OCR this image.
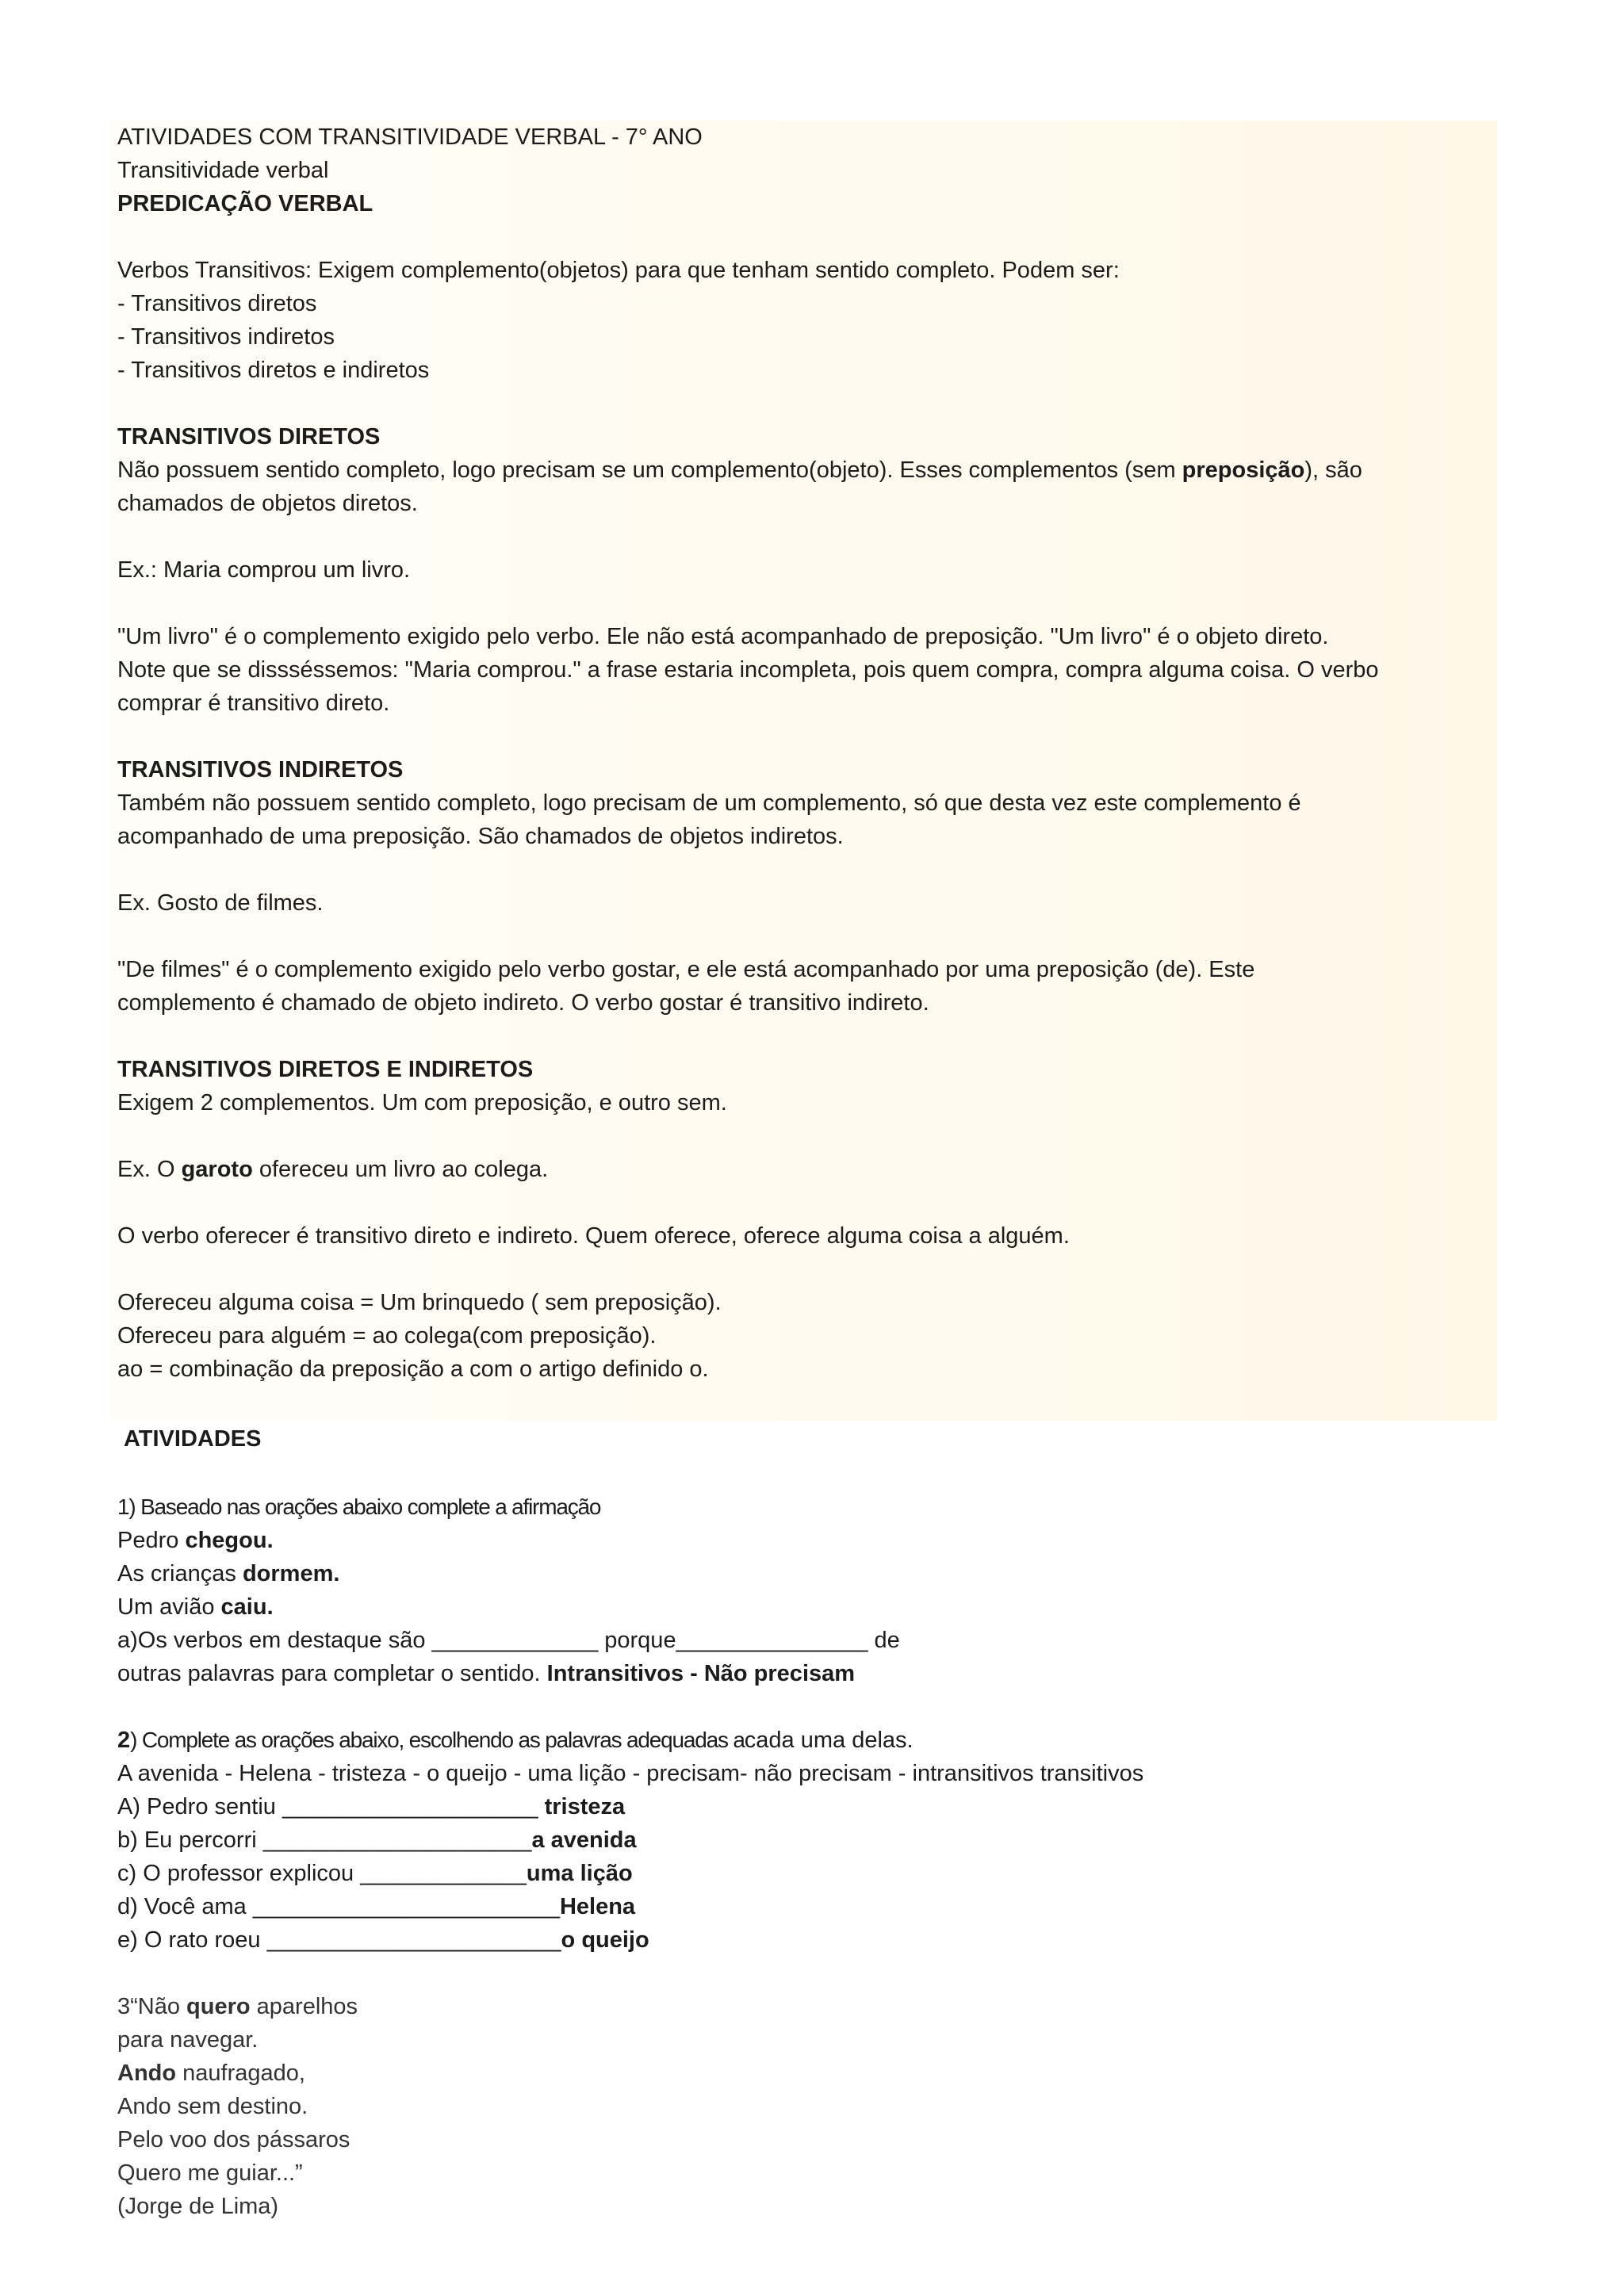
ATIVIDADES COM TRANSITIVIDADE VERBAL - 7° ANO
Transitividade verbal
PREDICAÇÃO VERBAL
Verbos Transitivos: Exigem complemento(objetos) para que tenham sentido completo. Podem ser:
- Transitivos diretos
- Transitivos indiretos
- Transitivos diretos e indiretos
TRANSITIVOS DIRETOS
Não possuem sentido completo, logo precisam se um complemento(objeto). Esses complementos (sem preposição), são
chamados de objetos diretos.
Ex.: Maria comprou um livro.
"Um livro" é o complemento exigido pelo verbo. Ele não está acompanhado de preposição. "Um livro" é o objeto direto.
Note que se dissséssemos: "Maria comprou." a frase estaria incompleta, pois quem compra, compra alguma coisa. O verbo
comprar é transitivo direto.
TRANSITIVOS INDIRETOS
Também não possuem sentido completo, logo precisam de um complemento, só que desta vez este complemento é
acompanhado de uma preposição. São chamados de objetos indiretos.
Ex. Gosto de filmes.
"De filmes" é o complemento exigido pelo verbo gostar, e ele está acompanhado por uma preposição (de). Este
complemento é chamado de objeto indireto. O verbo gostar é transitivo indireto.
TRANSITIVOS DIRETOS E INDIRETOS
Exigem 2 complementos. Um com preposição, e outro sem.
Ex. O garoto ofereceu um livro ao colega.
O verbo oferecer é transitivo direto e indireto. Quem oferece, oferece alguma coisa a alguém.
Ofereceu alguma coisa = Um brinquedo ( sem preposição).
Ofereceu para alguém = ao colega(com preposição).
ao = combinação da preposição a com o artigo definido o.
ATIVIDADES
1) Baseado nas orações abaixo complete a afirmação
Pedro chegou.
As crianças dormem.
Um avião caiu.
a)Os verbos em destaque são _____________ porque_______________ de
outras palavras para completar o sentido. Intransitivos - Não precisam
2) Complete as orações abaixo, escolhendo as palavras adequadas acada uma delas.
A avenida - Helena - tristeza - o queijo - uma lição - precisam- não precisam - intransitivos transitivos
A) Pedro sentiu ____________________ tristeza
b) Eu percorri _____________________a avenida
c) O professor explicou _____________uma lição
d) Você ama ________________________Helena
e) O rato roeu _______________________o queijo
3“Não quero aparelhos
para navegar.
Ando naufragado,
Ando sem destino.
Pelo voo dos pássaros
Quero me guiar...”
(Jorge de Lima)
